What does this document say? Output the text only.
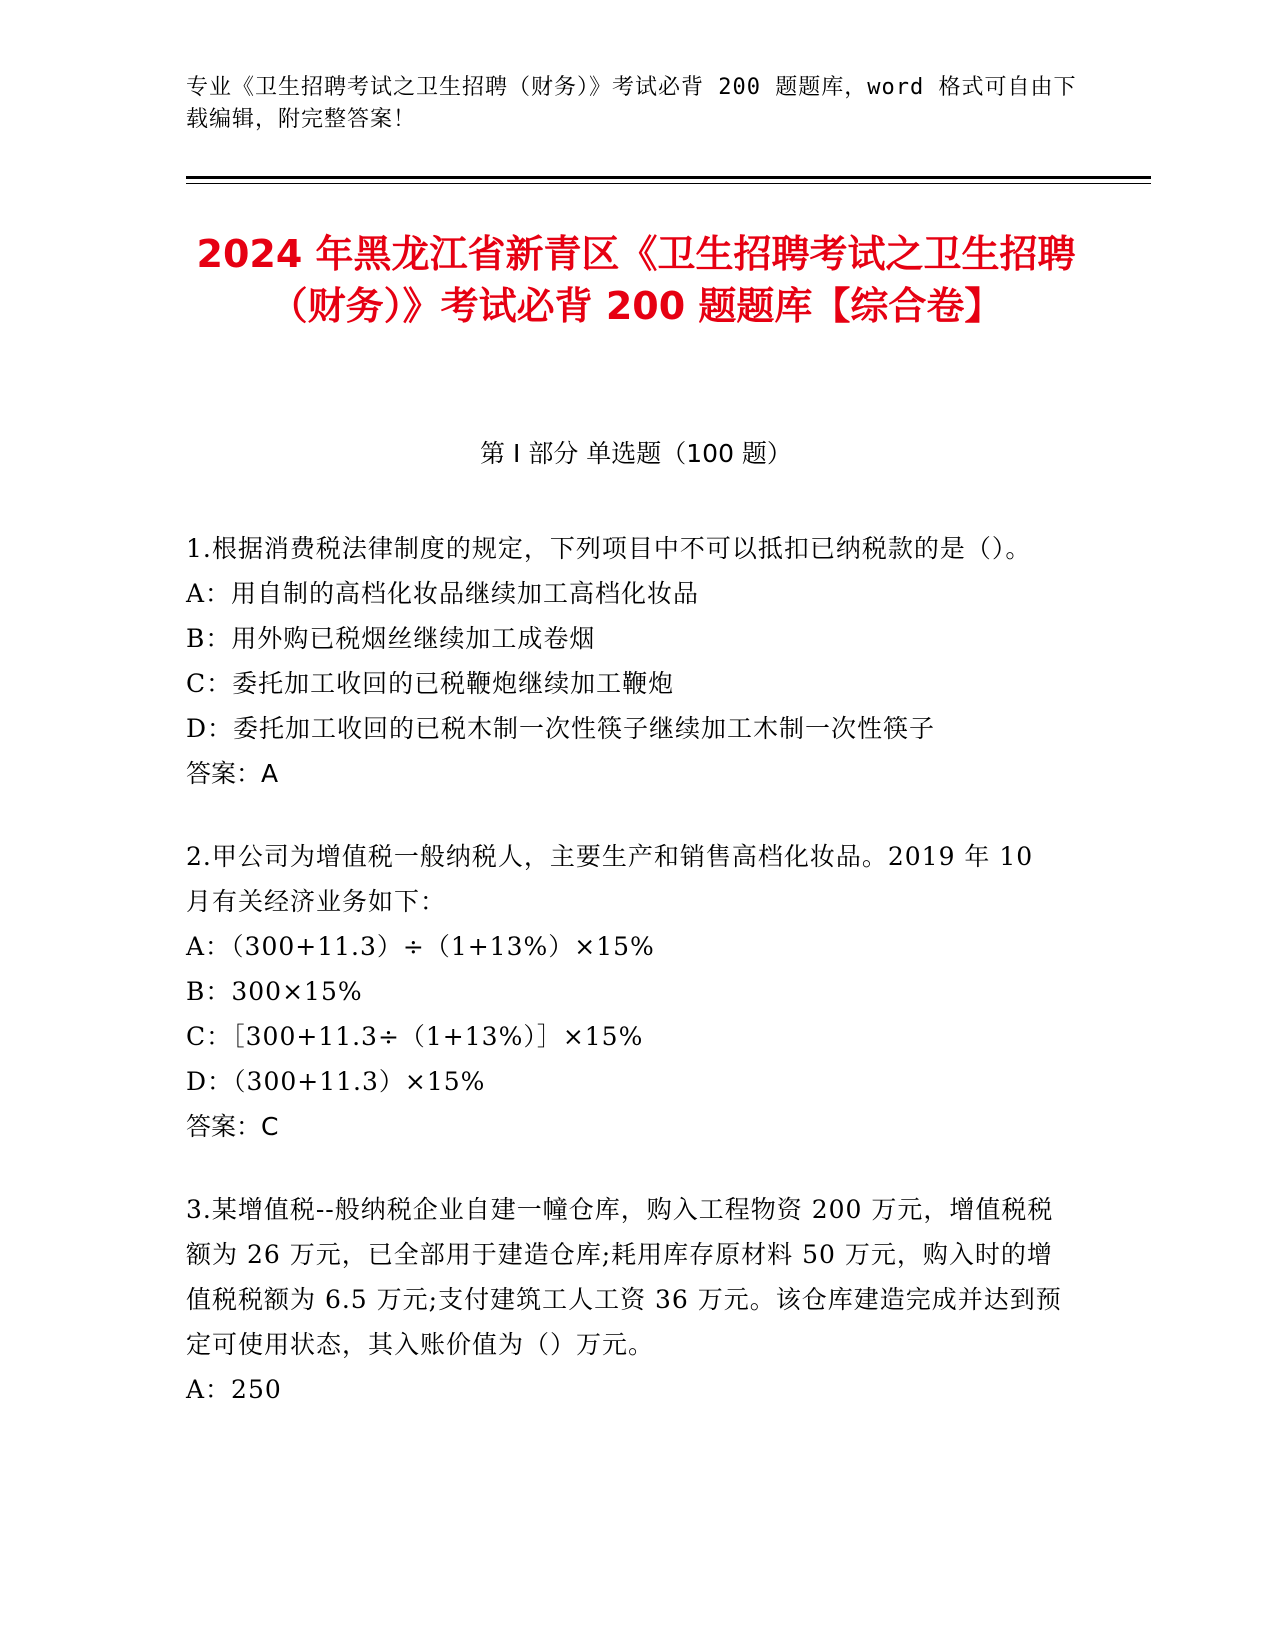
专业《卫生招聘考试之卫生招聘（财务）》考试必背 200 题题库，word 格式可自由下载编辑，附完整答案！
2024 年黑龙江省新青区《卫生招聘考试之卫生招聘（财务）》考试必背 200 题题库【综合卷】
第 I 部分 单选题（100 题）
1.根据消费税法律制度的规定，下列项目中不可以抵扣已纳税款的是（）。
A：用自制的高档化妆品继续加工高档化妆品
B：用外购已税烟丝继续加工成卷烟
C：委托加工收回的已税鞭炮继续加工鞭炮
D：委托加工收回的已税木制一次性筷子继续加工木制一次性筷子
答案：A
2.甲公司为增值税一般纳税人，主要生产和销售高档化妆品。2019 年 10 月有关经济业务如下：
A：（300+11.3）÷（1+13%）×15%
B：300×15%
C：［300+11.3÷（1+13%）］×15%
D：（300+11.3）×15%
答案：C
3.某增值税--般纳税企业自建一幢仓库，购入工程物资 200 万元，增值税税额为 26 万元，已全部用于建造仓库;耗用库存原材料 50 万元，购入时的增值税税额为 6.5 万元;支付建筑工人工资 36 万元。该仓库建造完成并达到预定可使用状态，其入账价值为（）万元。
A：250
